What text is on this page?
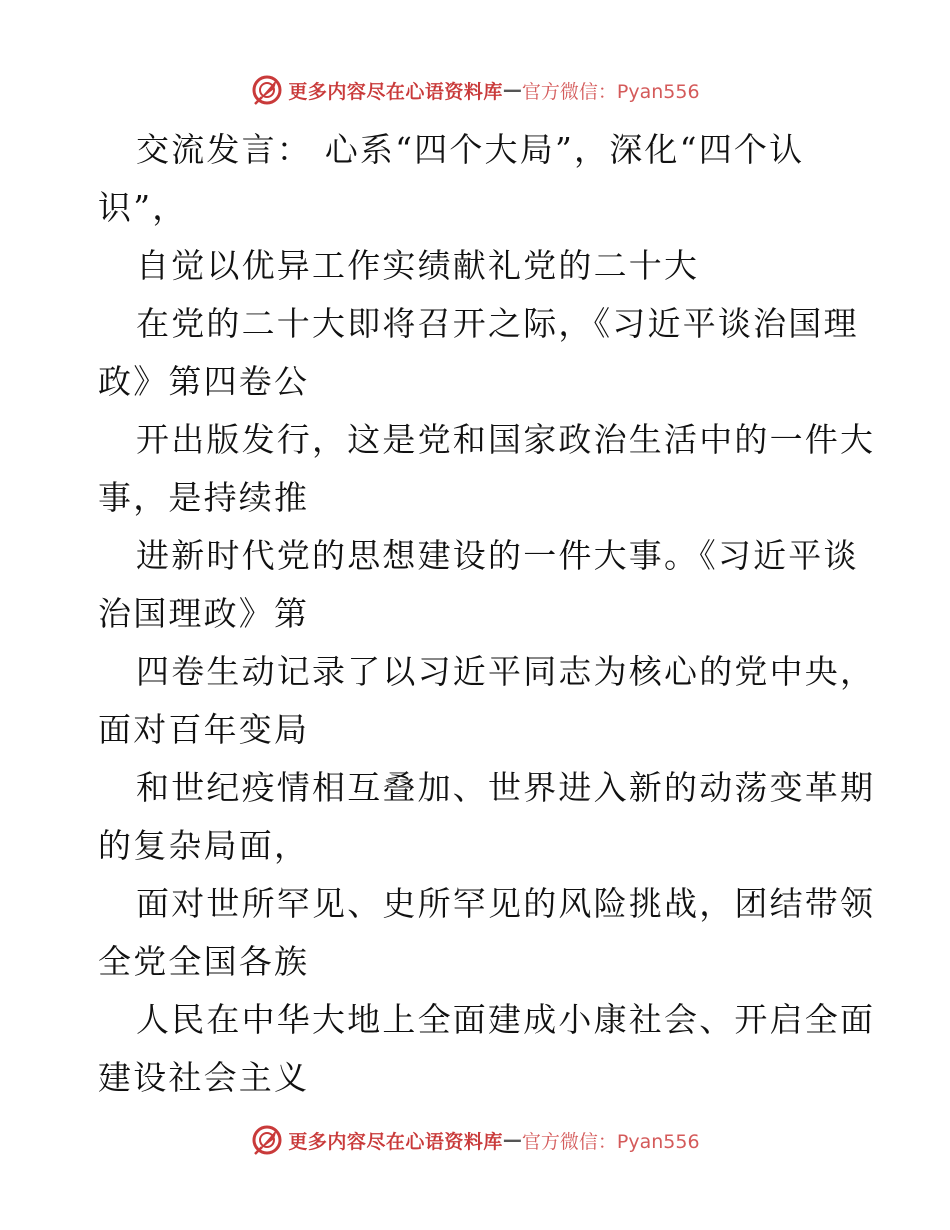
更多内容尽在心语资料库 — 官方微信：Pyan556

交流发言： 心系“四个大局”，深化“四个认
识”，

自觉以优异工作实绩献礼党的二十大

在党的二十大即将召开之际，《习近平谈治国理
政》第四卷公

开出版发行，这是党和国家政治生活中的一件大
事，是持续推

进新时代党的思想建设的一件大事。《习近平谈
治国理政》第

四卷生动记录了以习近平同志为核心的党中央，
面对百年变局

和世纪疫情相互叠加、世界进入新的动荡变革期
的复杂局面，

面对世所罕见、史所罕见的风险挑战，团结带领
全党全国各族

人民在中华大地上全面建成小康社会、开启全面
建设社会主义

更多内容尽在心语资料库 — 官方微信：Pyan556
